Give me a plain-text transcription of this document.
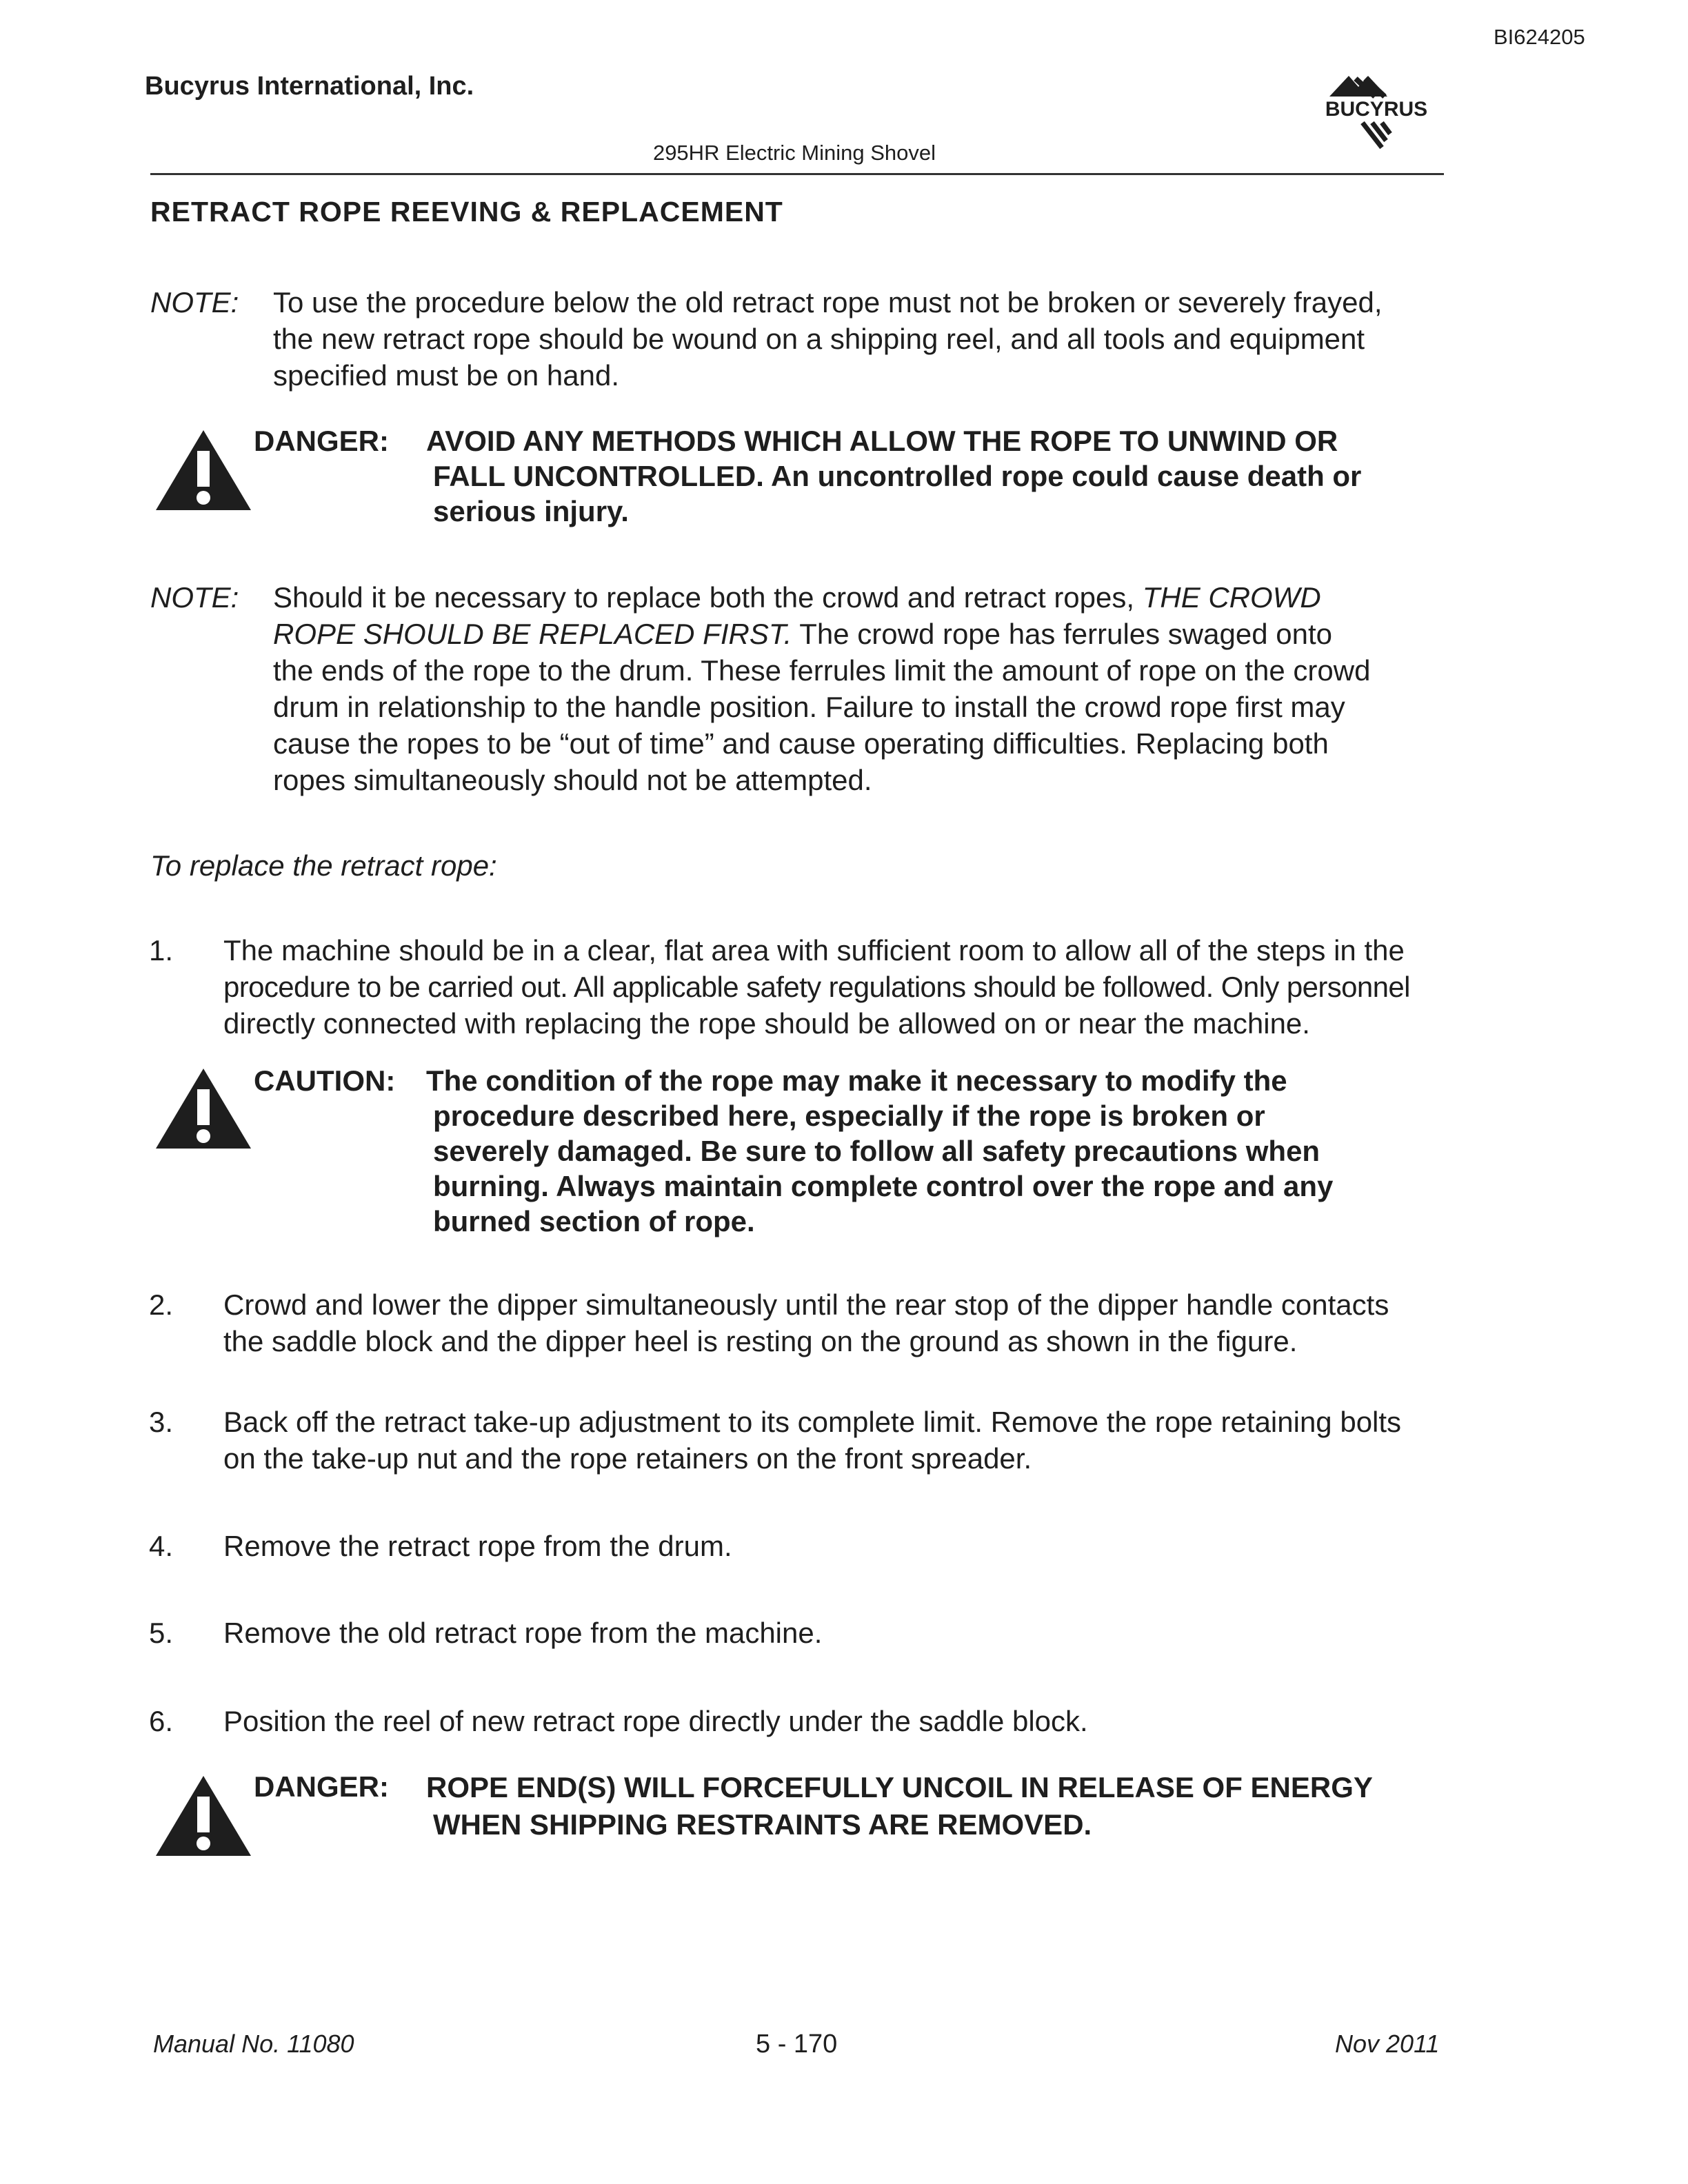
BI624205
Bucyrus International, Inc.
BUCYRUS
295HR Electric Mining Shovel
RETRACT ROPE REEVING & REPLACEMENT
NOTE: To use the procedure below the old retract rope must not be broken or severely frayed,
the new retract rope should be wound on a shipping reel, and all tools and equipment
specified must be on hand.
DANGER: AVOID ANY METHODS WHICH ALLOW THE ROPE TO UNWIND OR
FALL UNCONTROLLED. An uncontrolled rope could cause death or
serious injury.
NOTE: Should it be necessary to replace both the crowd and retract ropes, THE CROWD
ROPE SHOULD BE REPLACED FIRST. The crowd rope has ferrules swaged onto
the ends of the rope to the drum. These ferrules limit the amount of rope on the crowd
drum in relationship to the handle position. Failure to install the crowd rope first may
cause the ropes to be “out of time” and cause operating difficulties. Replacing both
ropes simultaneously should not be attempted.
To replace the retract rope:
1. The machine should be in a clear, flat area with sufficient room to allow all of the steps in the
procedure to be carried out. All applicable safety regulations should be followed. Only personnel
directly connected with replacing the rope should be allowed on or near the machine.
CAUTION: The condition of the rope may make it necessary to modify the
procedure described here, especially if the rope is broken or
severely damaged. Be sure to follow all safety precautions when
burning. Always maintain complete control over the rope and any
burned section of rope.
2. Crowd and lower the dipper simultaneously until the rear stop of the dipper handle contacts
the saddle block and the dipper heel is resting on the ground as shown in the figure.
3. Back off the retract take-up adjustment to its complete limit. Remove the rope retaining bolts
on the take-up nut and the rope retainers on the front spreader.
4. Remove the retract rope from the drum.
5. Remove the old retract rope from the machine.
6. Position the reel of new retract rope directly under the saddle block.
DANGER: ROPE END(S) WILL FORCEFULLY UNCOIL IN RELEASE OF ENERGY
WHEN SHIPPING RESTRAINTS ARE REMOVED.
Manual No. 11080	5 - 170	Nov 2011
